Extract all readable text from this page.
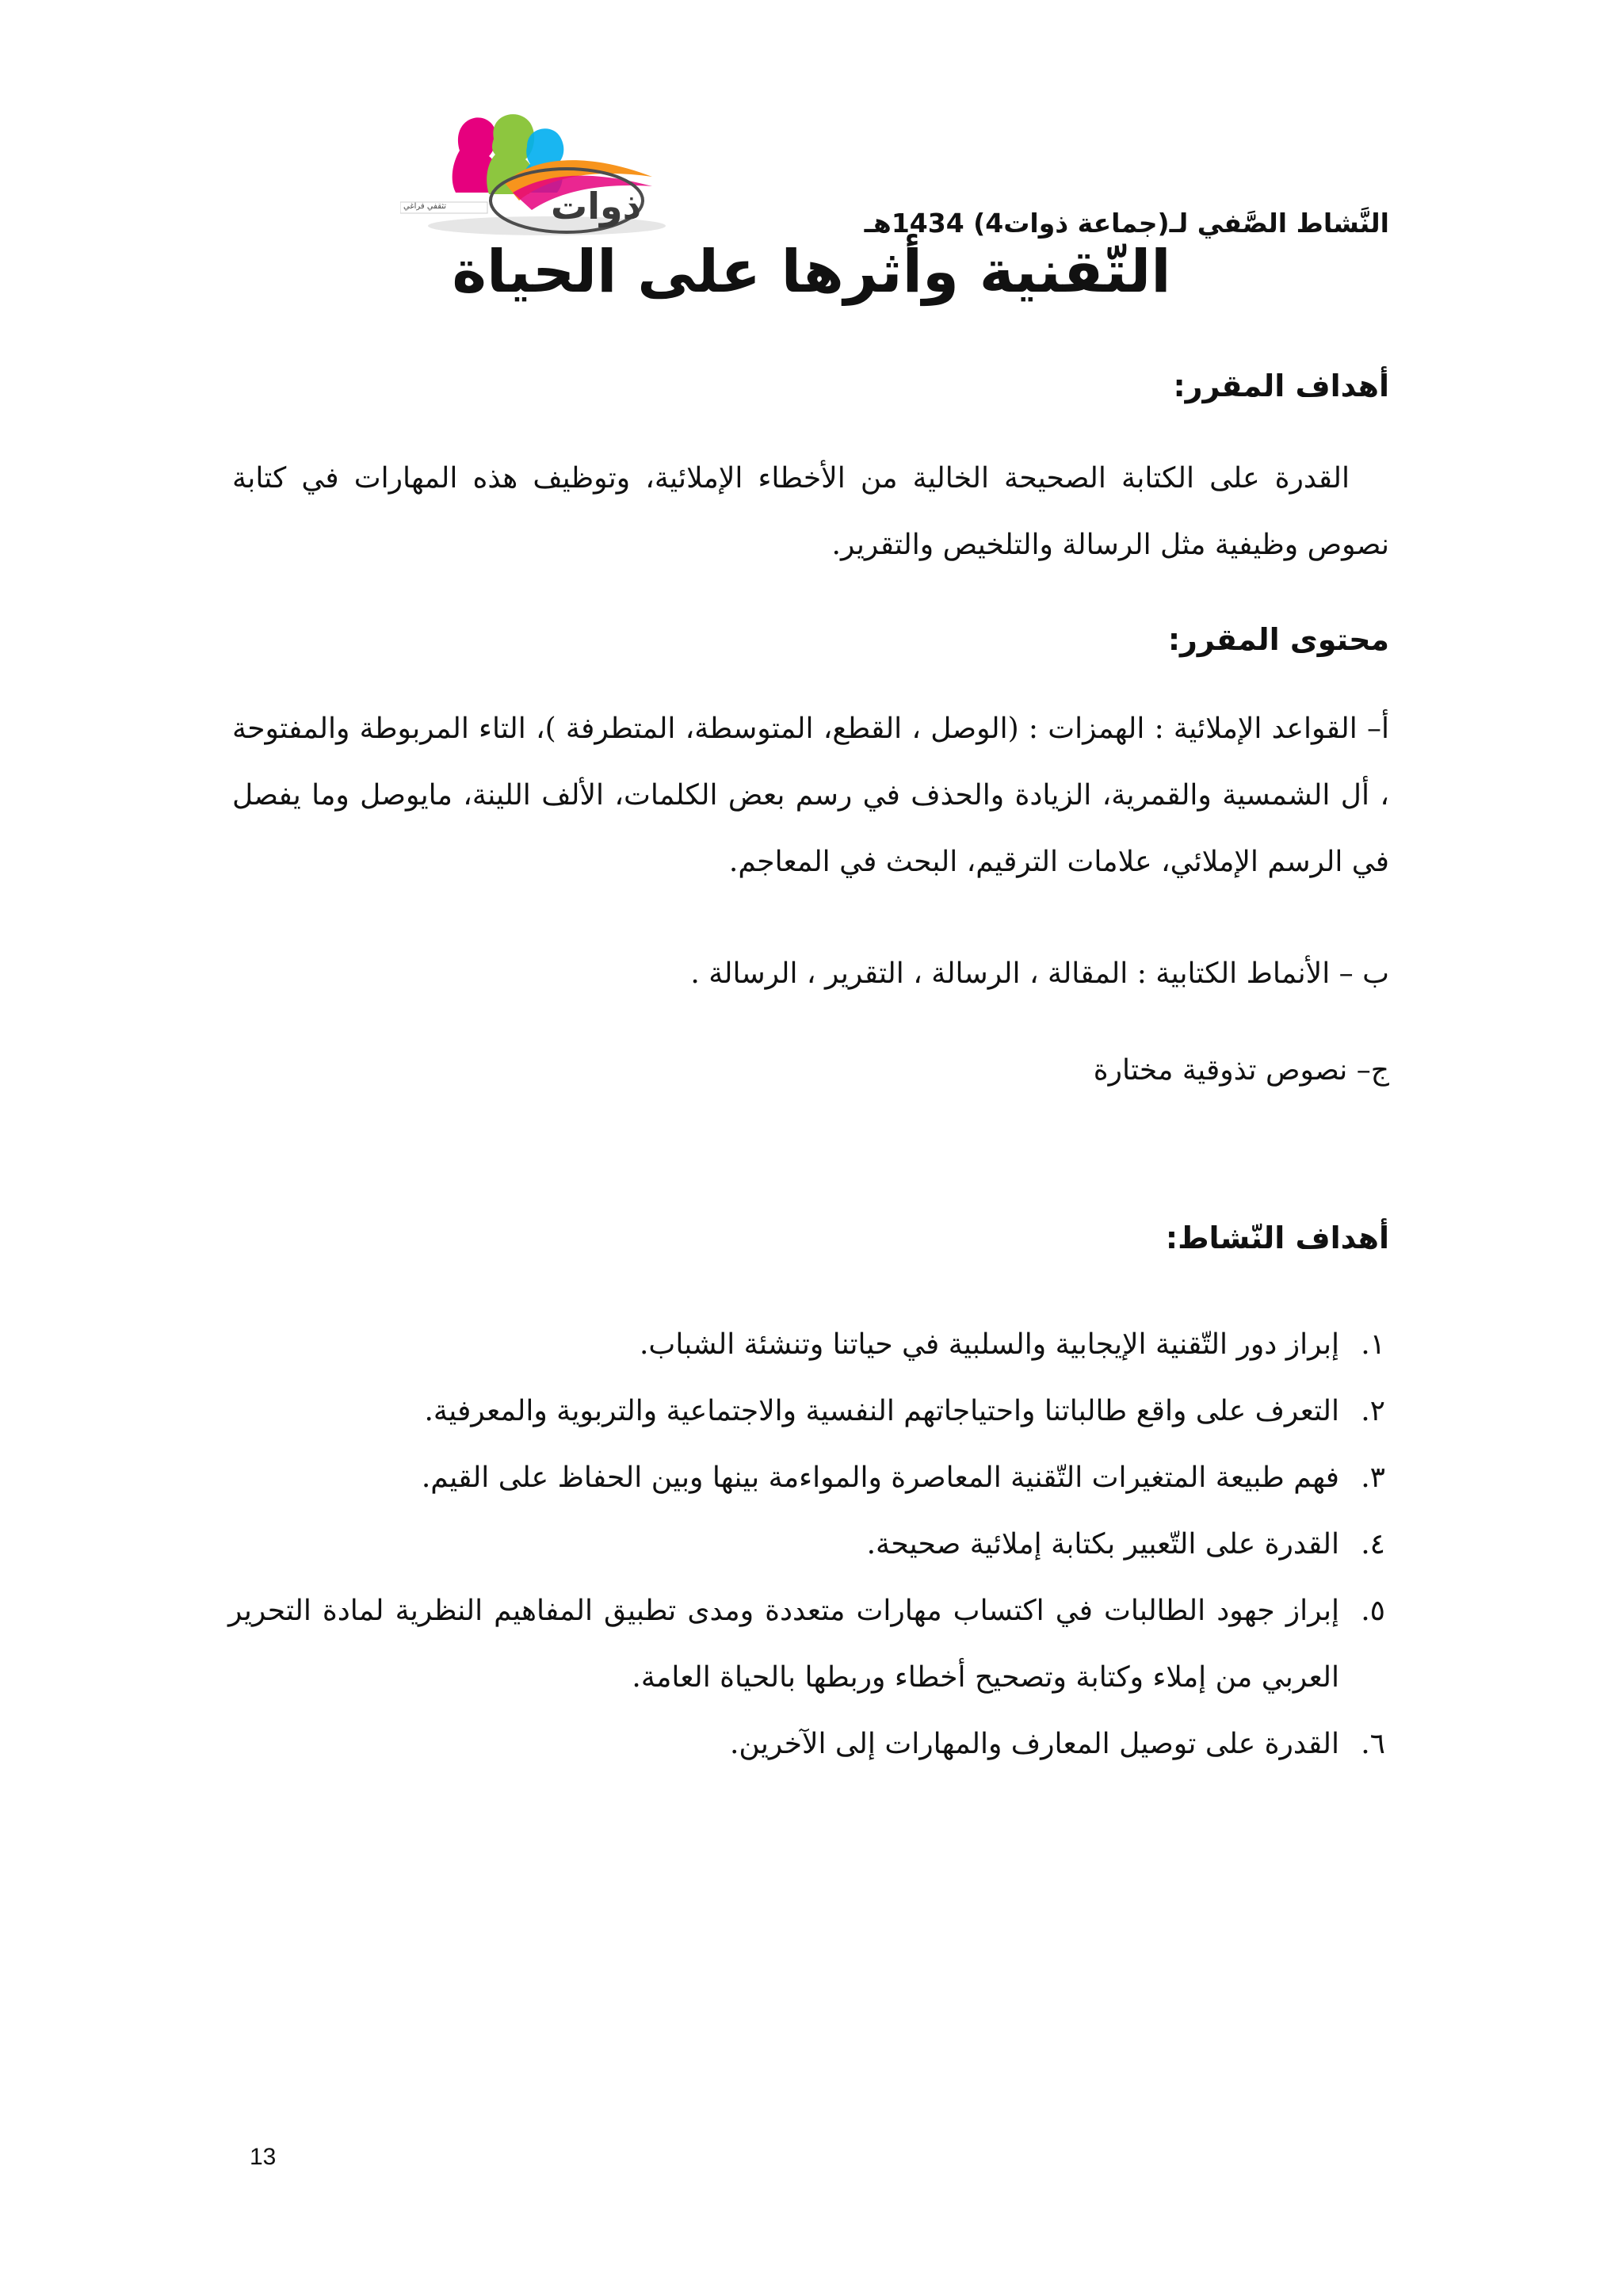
ذوات
تثقفي فراغي
النَّشاط الصَّفي لـ(جماعة ذوات4) 1434هـ
التّقنية وأثرها على الحياة
أهداف المقرر:

القدرة على الكتابة الصحيحة الخالية من الأخطاء الإملائية، وتوظيف هذه المهارات في كتابة نصوص وظيفية مثل الرسالة والتلخيص والتقرير.

محتوى المقرر:

أ– القواعد الإملائية : الهمزات : (الوصل ، القطع، المتوسطة، المتطرفة )، التاء المربوطة والمفتوحة ، أل الشمسية والقمرية، الزيادة والحذف في رسم بعض الكلمات، الألف اللينة، مايوصل وما يفصل في الرسم الإملائي، علامات الترقيم، البحث في المعاجم.

ب – الأنماط الكتابية : المقالة ، الرسالة ، التقرير ، الرسالة .
ج– نصوص تذوقية مختارة
أهداف النّشاط:
١.
إبراز دور التّقنية الإيجابية والسلبية في حياتنا وتنشئة الشباب.
٢.
التعرف على واقع طالباتنا واحتياجاتهم النفسية والاجتماعية والتربوية والمعرفية.
٣.
فهم طبيعة المتغيرات التّقنية المعاصرة والمواءمة بينها وبين الحفاظ على القيم.
٤.
القدرة على التّعبير بكتابة إملائية صحيحة.
٥.
إبراز جهود الطالبات في اكتساب مهارات متعددة ومدى تطبيق المفاهيم النظرية لمادة التحرير العربي من إملاء وكتابة وتصحيح أخطاء وربطها بالحياة العامة.
٦.
القدرة على توصيل المعارف والمهارات إلى الآخرين.
13
